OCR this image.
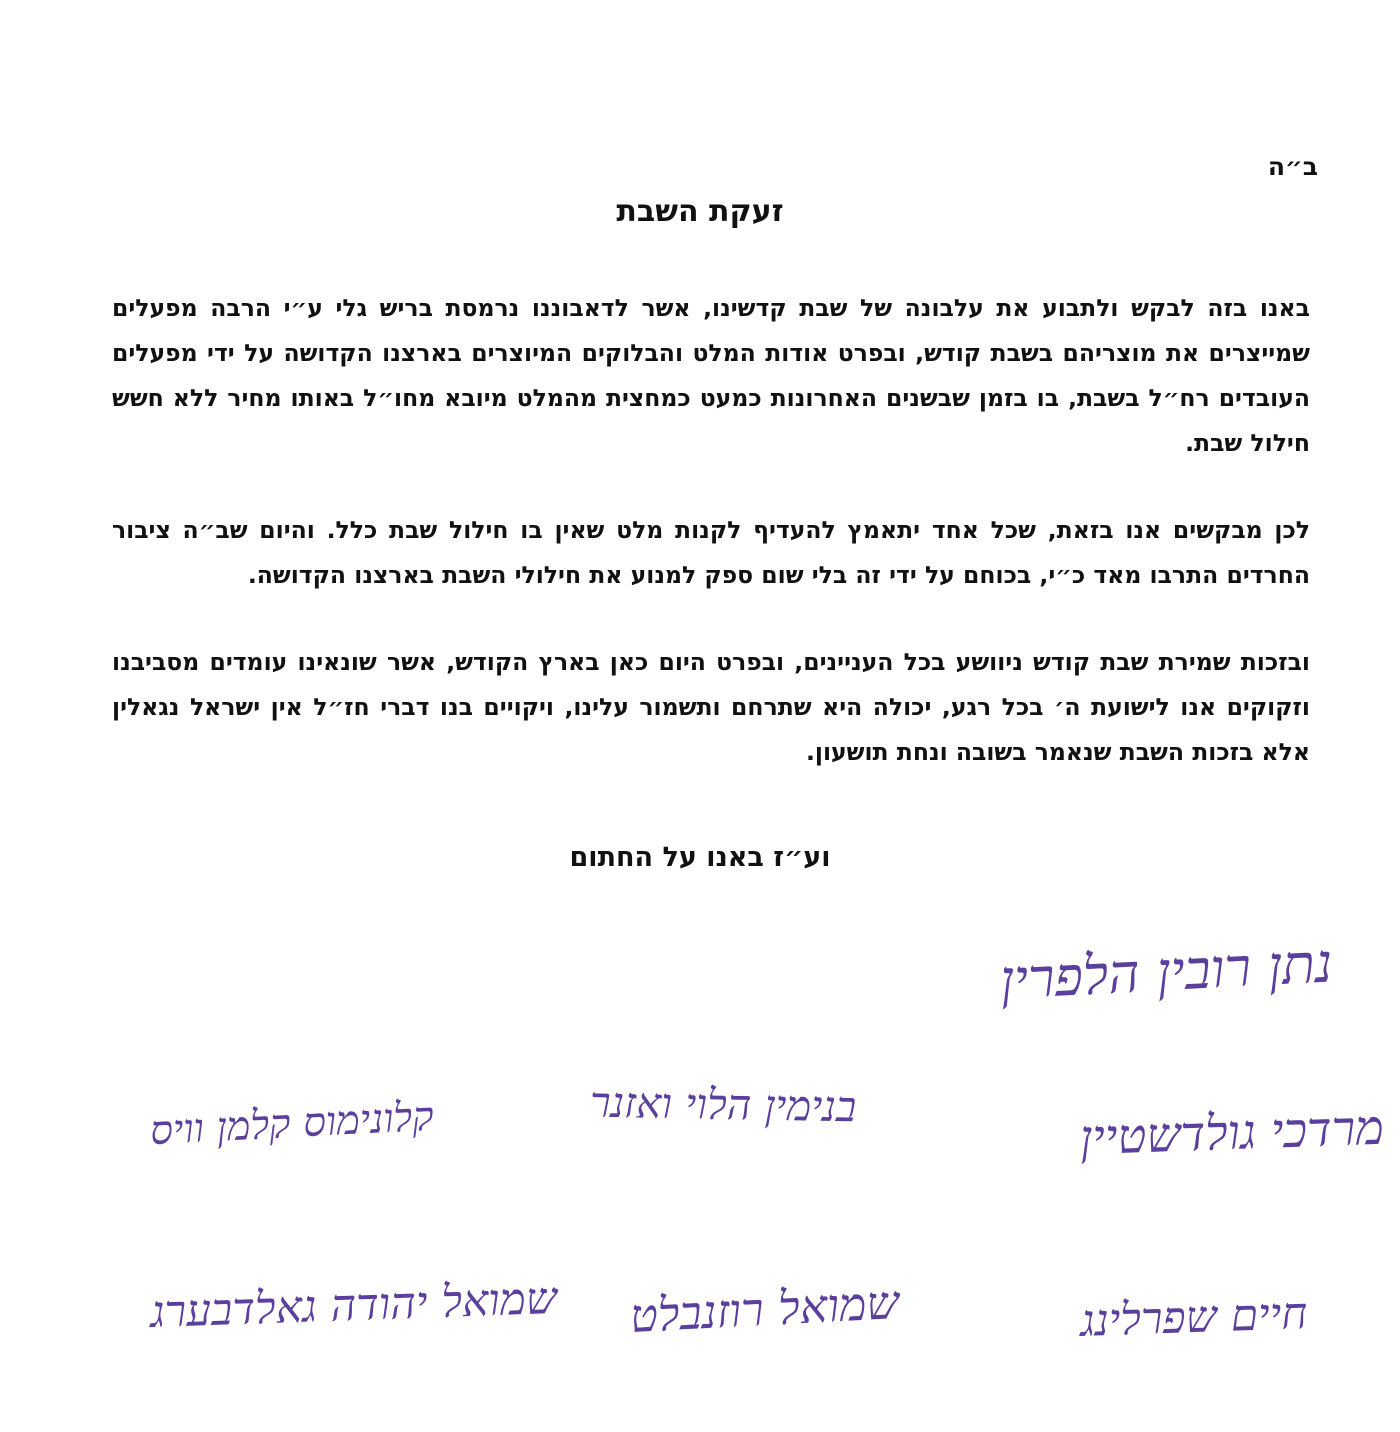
ב״ה
זעקת השבת

באנו בזה לבקש ולתבוע את עלבונה של שבת קדשינו, אשר לדאבוננו נרמסת בריש גלי ע״י הרבה מפעלים שמייצרים את מוצריהם בשבת קודש, ובפרט אודות המלט והבלוקים המיוצרים בארצנו הקדושה על ידי מפעלים העובדים רח״ל בשבת, בו בזמן שבשנים האחרונות כמעט כמחצית מהמלט מיובא מחו״ל באותו מחיר ללא חשש חילול שבת.

לכן מבקשים אנו בזאת, שכל אחד יתאמץ להעדיף לקנות מלט שאין בו חילול שבת כלל. והיום שב״ה ציבור החרדים התרבו מאד כ״י, בכוחם על ידי זה בלי שום ספק למנוע את חילולי השבת בארצנו הקדושה.

ובזכות שמירת שבת קודש ניוושע בכל העניינים, ובפרט היום כאן בארץ הקודש, אשר שונאינו עומדים מסביבנו וזקוקים אנו לישועת ה׳ בכל רגע, יכולה היא שתרחם ותשמור עלינו, ויקויים בנו דברי חז״ל אין ישראל נגאלין אלא בזכות השבת שנאמר בשובה ונחת תושעון.

וע״ז באנו על החתום
נתן רובין הלפרין
מרדכי גולדשטיין
בנימין הלוי ואזנר
קלונימוס קלמן וויס
חיים שפרלינג
שמואל רוזנבלט
שמואל יהודה גאלדבערג
